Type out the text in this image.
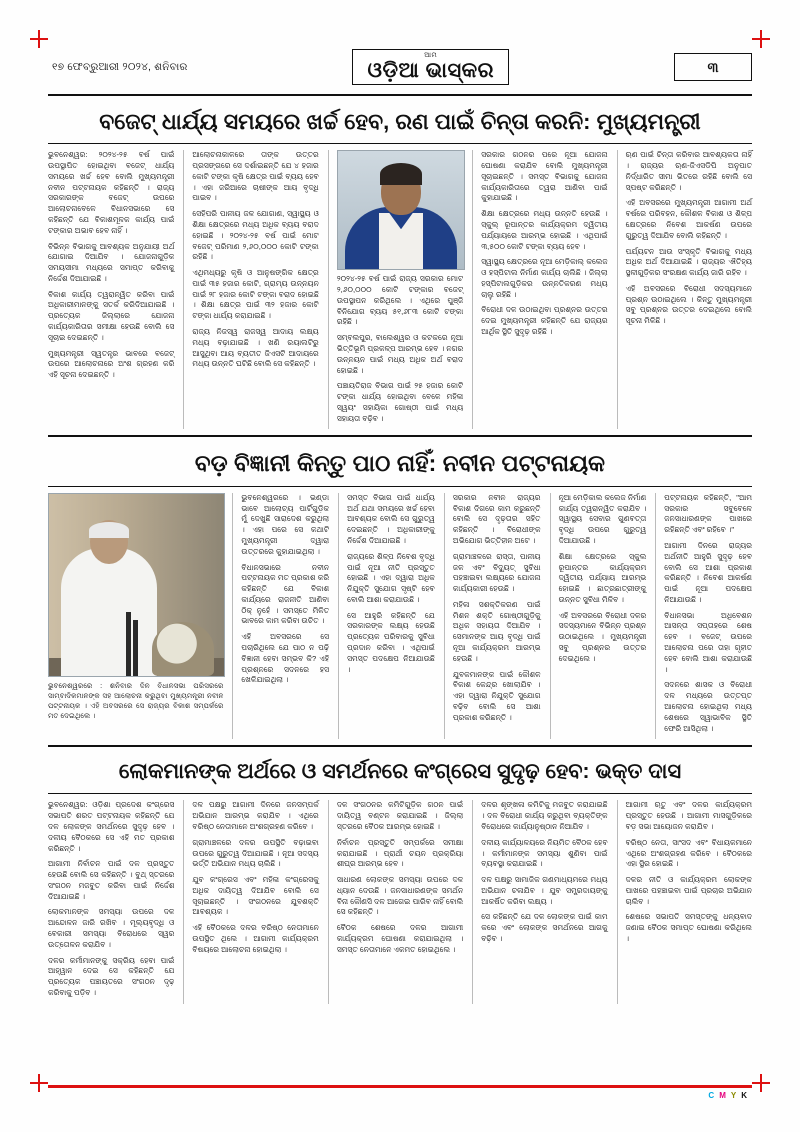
୧୭ ଫେବ୍ରୁଆରୀ ୨୦୨୪, ଶନିବାର
ଆମ
ଓଡ଼ିଆ ଭାସ୍କର	୩
ବଜେଟ୍ ଧାର୍ଯ୍ୟ ସମୟରେ ଖର୍ଚ୍ଚ ହେବ, ରଣ ପାଇଁ ଚିନ୍ତା କରନି: ମୁଖ୍ୟମନ୍ତ୍ରୀ

ଭୁବନେଶ୍ୱର: ୨୦୨୪-୨୫ ବର୍ଷ ପାଇଁ ଉପସ୍ଥାପିତ ହୋଇଥିବା ବଜେଟ୍ ଧାର୍ଯ୍ୟ ସମୟରେ ଖର୍ଚ୍ଚ ହେବ ବୋଲି ମୁଖ୍ୟମନ୍ତ୍ରୀ ନବୀନ ପଟ୍ଟନାୟକ କହିଛନ୍ତି । ରାଜ୍ୟ ସରକାରଙ୍କ ବଜେଟ୍ ଉପରେ ଆଲୋଚନାବେଳେ ବିଧାନସଭାରେ ସେ କହିଛନ୍ତି ଯେ ବିକାଶମୂଳକ କାର୍ଯ୍ୟ ପାଇଁ ଟଙ୍କାର ଅଭାବ ହେବ ନାହିଁ ।

ବିଭିନ୍ନ ବିଭାଗକୁ ଆବଶ୍ୟକ ଅନୁଯାୟୀ ଅର୍ଥ ଯୋଗାଇ ଦିଆଯିବ । ଯୋଜନାଗୁଡ଼ିକ ସମୟସୀମା ମଧ୍ୟରେ ସମାପ୍ତ କରିବାକୁ ନିର୍ଦ୍ଦେଶ ଦିଆଯାଇଛି ।

ବିକାଶ କାର୍ଯ୍ୟ ତ୍ୱରାନ୍ୱିତ କରିବା ପାଇଁ ଅଧିକାରୀମାନଙ୍କୁ ସତର୍କ କରିଦିଆଯାଇଛି । ପ୍ରତ୍ୟେକ ଜିଲ୍ଲାରେ ଯୋଜନା କାର୍ଯ୍ୟକାରିତାର ସମୀକ୍ଷା ହେଉଛି ବୋଲି ସେ ସୂଚାଇ ଦେଇଛନ୍ତି ।

ମୁଖ୍ୟମନ୍ତ୍ରୀ ସ୍ୱତନ୍ତ୍ର ଭାବରେ ବଜେଟ୍ ଉପରେ ଆଲୋଚନାରେ ଅଂଶ ଗ୍ରହଣ କରି ଏହି ସୂଚନା ଦେଇଛନ୍ତି ।

ଆଲୋଚନାକାଳରେ ତାଙ୍କ ଉତ୍ତର ପ୍ରସଙ୍ଗରେ ସେ ଦର୍ଶାଇଛନ୍ତି ଯେ ୪ ହଜାର କୋଟି ଟଙ୍କା କୃଷି କ୍ଷେତ୍ର ପାଇଁ ବ୍ୟୟ ହେବ । ଏହା ଜରିଆରେ ଚାଷୀଙ୍କ ଆୟ ବୃଦ୍ଧି ପାଇବ ।

ସେହିପରି ପାନୀୟ ଜଳ ଯୋଗାଣ, ସ୍ୱାସ୍ଥ୍ୟ ଓ ଶିକ୍ଷା କ୍ଷେତ୍ରରେ ମଧ୍ୟ ଅଧିକ ବ୍ୟୟ ବରାଦ ହୋଇଛି । ୨୦୨୪-୨୫ ବର୍ଷ ପାଇଁ ମୋଟ ବଜେଟ୍ ପରିମାଣ ୨,୬୦,୦୦୦ କୋଟି ଟଙ୍କା ରହିଛି ।

ଏଥିମଧ୍ୟରୁ କୃଷି ଓ ଆନୁଷଙ୍ଗିକ କ୍ଷେତ୍ର ପାଇଁ ୩୫ ହଜାର କୋଟି, ଗ୍ରାମ୍ୟ ଉନ୍ନୟନ ପାଇଁ ୨୮ ହଜାର କୋଟି ଟଙ୍କା ବରାଦ ହୋଇଛି । ଶିକ୍ଷା କ୍ଷେତ୍ର ପାଇଁ ୩୨ ହଜାର କୋଟି ଟଙ୍କା ଧାର୍ଯ୍ୟ କରାଯାଇଛି ।

ରାଜ୍ୟ ନିଜସ୍ୱ ରାଜସ୍ୱ ଆଦାୟ ଲକ୍ଷ୍ୟ ମଧ୍ୟ ବଢ଼ାଯାଇଛି । ଖଣି ରୟାଲଟିରୁ ଆସୁଥିବା ଆୟ ବ୍ୟତୀତ ଜିଏସଟି ଆଦାୟରେ ମଧ୍ୟ ଉନ୍ନତି ଘଟିଛି ବୋଲି ସେ କହିଛନ୍ତି ।

୨୦୨୪-୨୫ ବର୍ଷ ପାଇଁ ରାଜ୍ୟ ସରକାର ମୋଟ ୨,୬୦,୦୦୦ କୋଟି ଟଙ୍କାର ବଜେଟ୍ ଉପସ୍ଥାପନ କରିଥିଲେ । ଏଥିରେ ପୁଞ୍ଜି ବିନିଯୋଗ ବ୍ୟୟ ୫୧,୬୮୩ କୋଟି ଟଙ୍କା ରହିଛି ।

ସମ୍ବଲପୁର, ବାଲେଶ୍ୱର ଓ କଟକରେ ନୂଆ ଭିତ୍ତିଭୂମି ପ୍ରକଳ୍ପ ଆରମ୍ଭ ହେବ । ନଗର ଉନ୍ନୟନ ପାଇଁ ମଧ୍ୟ ଅଧିକ ଅର୍ଥ ବରାଦ ହୋଇଛି ।

ପଞ୍ଚାୟତିରାଜ ବିଭାଗ ପାଇଁ ୨୫ ହଜାର କୋଟି ଟଙ୍କା ଧାର୍ଯ୍ୟ ହୋଇଥିବା ବେଳେ ମହିଳା ସ୍ୱୟଂ ସହାୟିକା ଗୋଷ୍ଠୀ ପାଇଁ ମଧ୍ୟ ସହାୟତା ବଢ଼ିବ ।

ସରକାର ଗଠନର ପରେ ନୂଆ ଯୋଜନା ଘୋଷଣା କରାଯିବ ବୋଲି ମୁଖ୍ୟମନ୍ତ୍ରୀ ସୂଚାଇଛନ୍ତି । ସମସ୍ତ ବିଭାଗକୁ ଯୋଜନା କାର୍ଯ୍ୟକାରିତାରେ ତ୍ୱରା ଆଣିବା ପାଇଁ କୁହାଯାଇଛି ।

ଶିକ୍ଷା କ୍ଷେତ୍ରରେ ମଧ୍ୟ ଉନ୍ନତି ହେଉଛି । ସ୍କୁଲ୍ ରୂପାନ୍ତର କାର୍ଯ୍ୟକ୍ରମ ଦ୍ୱିତୀୟ ପର୍ଯ୍ୟାୟରେ ଆରମ୍ଭ ହୋଇଛି । ଏଥିପାଇଁ ୩,୫୦୦ କୋଟି ଟଙ୍କା ବ୍ୟୟ ହେବ ।

ସ୍ୱାସ୍ଥ୍ୟ କ୍ଷେତ୍ରରେ ନୂଆ ମେଡ଼ିକାଲ୍ କଲେଜ ଓ ହସ୍ପିଟାଲ ନିର୍ମାଣ କାର୍ଯ୍ୟ ଚାଲିଛି । ଜିଲ୍ଲା ହସ୍ପିଟାଲଗୁଡ଼ିକର ଉନ୍ନତିକରଣ ମଧ୍ୟ ଚାଲୁ ରହିଛି ।

ବିରୋଧୀ ଦଳ ଉଠାଇଥିବା ପ୍ରଶ୍ନର ଉତ୍ତର ଦେଇ ମୁଖ୍ୟମନ୍ତ୍ରୀ କହିଛନ୍ତି ଯେ ରାଜ୍ୟର ଆର୍ଥିକ ସ୍ଥିତି ସୁଦୃଢ଼ ରହିଛି ।

ଋଣ ପାଇଁ ଚିନ୍ତା କରିବାର ଆବଶ୍ୟକତା ନାହିଁ । ରାଜ୍ୟର ଋଣ-ଜିଏସଡିପି ଅନୁପାତ ନିର୍ଦ୍ଧାରିତ ସୀମା ଭିତରେ ରହିଛି ବୋଲି ସେ ସ୍ପଷ୍ଟ କରିଛନ୍ତି ।

ଏହି ଅବସରରେ ମୁଖ୍ୟମନ୍ତ୍ରୀ ଆଗାମୀ ଅର୍ଥ ବର୍ଷରେ ପରିବହନ, କୌଶଳ ବିକାଶ ଓ ଶିଳ୍ପ କ୍ଷେତ୍ରରେ ନିବେଶ ଆକର୍ଷଣ ଉପରେ ଗୁରୁତ୍ୱ ଦିଆଯିବ ବୋଲି କହିଛନ୍ତି ।

ପର୍ଯ୍ୟଟନ ଆଉ ସଂସ୍କୃତି ବିଭାଗକୁ ମଧ୍ୟ ଅଧିକ ଅର୍ଥ ଦିଆଯାଇଛି । ରାଜ୍ୟର ଐତିହ୍ୟ ସ୍ଥଳୀଗୁଡ଼ିକର ସଂରକ୍ଷଣ କାର୍ଯ୍ୟ ଜାରି ରହିବ ।

ଏହି ଅବସରରେ ବିରୋଧୀ ସଦସ୍ୟମାନେ ପ୍ରଶ୍ନ ଉଠାଇଥିଲେ । କିନ୍ତୁ ମୁଖ୍ୟମନ୍ତ୍ରୀ ସବୁ ପ୍ରଶ୍ନର ଉତ୍ତର ଦେଇଥିଲେ ବୋଲି ସୂଚନା ମିଳିଛି ।

ବଡ଼ ବିଜ୍ଞାନୀ କିନ୍ତୁ ପାଠ ନାହିଁ: ନବୀନ ପଟ୍ଟନାୟକ

ଭୁବନେଶ୍ୱରରେ : ଶନିବାର ଦିନ ବିଧାନସଭା ପରିସରରେ ସାମ୍ବାଦିକମାନଙ୍କ ସହ ଆଲୋଚନା କରୁଥିବା ମୁଖ୍ୟମନ୍ତ୍ରୀ ନବୀନ ପଟ୍ଟନାୟକ । ଏହି ଅବସରରେ ସେ ରାଜ୍ୟର ବିକାଶ ସମ୍ପର୍କରେ ମତ ଦେଇଥିଲେ ।

ଭୁବନେଶ୍ୱରରେ । ଭଣ୍ଡା ଭାବେ ଆଲୋଚ୍ୟ ପାର୍ଟିଗୁଡ଼ିକ ମୁଁ ଦେଖୁଛି ସାରାଦେଶ କରୁଥିଲା । ଏହା ପରେ ସେ କଥାଟି ମୁଖ୍ୟମନ୍ତ୍ରୀ ଦ୍ୱାରା ଉତ୍ତରରେ କୁହାଯାଇଥିଲା ।

ବିଧାନସଭାରେ ନବୀନ ପଟ୍ଟନାୟକ ମତ ପ୍ରକାଶ କରି କହିଛନ୍ତି ଯେ ବିକାଶ କାର୍ଯ୍ୟରେ ରାଜନୀତି ଆଣିବା ଠିକ୍ ନୁହେଁ । ସମସ୍ତେ ମିଳିତ ଭାବରେ କାମ କରିବା ଉଚିତ ।

ଏହି ଅବସରରେ ସେ ପଚାରିଥିଲେ ଯେ ପାଠ ନ ପଢ଼ି ବିଜ୍ଞାନୀ ହେବା ସମ୍ଭବ କି? ଏହି ପ୍ରଶ୍ନରେ ସଦନରେ ହସ ଖେଳିଯାଇଥିଲା ।

ସମସ୍ତ ବିଭାଗ ପାଇଁ ଧାର୍ଯ୍ୟ ଅର୍ଥ ଯଥା ସମୟରେ ଖର୍ଚ୍ଚ ହେବା ଆବଶ୍ୟକ ବୋଲି ସେ ଗୁରୁତ୍ୱ ଦେଇଛନ୍ତି । ଅଧିକାରୀଙ୍କୁ ନିର୍ଦ୍ଦେଶ ଦିଆଯାଇଛି ।

ରାଜ୍ୟରେ ଶିଳ୍ପ ନିବେଶ ବୃଦ୍ଧି ପାଇଁ ନୂଆ ନୀତି ପ୍ରସ୍ତୁତ ହୋଇଛି । ଏହା ଦ୍ୱାରା ଅଧିକ ନିଯୁକ୍ତି ସୁଯୋଗ ସୃଷ୍ଟି ହେବ ବୋଲି ଆଶା କରାଯାଉଛି ।

ସେ ଆହୁରି କହିଛନ୍ତି ଯେ ସରକାରଙ୍କ ଲକ୍ଷ୍ୟ ହେଉଛି ପ୍ରତ୍ୟେକ ପରିବାରକୁ ସୁବିଧା ପ୍ରଦାନ କରିବା । ଏଥିପାଇଁ ସମସ୍ତ ପଦକ୍ଷେପ ନିଆଯାଉଛି ।

ସରକାର ନବୀନ ରାଜ୍ୟର ବିକାଶ ଦିଗରେ କାମ କରୁଛନ୍ତି ବୋଲି ସେ ଦୃଢ଼ତାର ସହିତ କହିଛନ୍ତି । ବିରୋଧୀଙ୍କ ଅଭିଯୋଗ ଭିତ୍ତିହୀନ ଅଟେ ।

ଗ୍ରାମାଞ୍ଚଳରେ ରାସ୍ତା, ପାନୀୟ ଜଳ ଏବଂ ବିଦ୍ୟୁତ୍ ସୁବିଧା ପହଞ୍ଚାଇବା ଲକ୍ଷ୍ୟରେ ଯୋଜନା କାର୍ଯ୍ୟକାରୀ ହେଉଛି ।

ମହିଳା ସଶକ୍ତିକରଣ ପାଇଁ ମିଶନ ଶକ୍ତି ଗୋଷ୍ଠୀଗୁଡ଼ିକୁ ଅଧିକ ସହାୟତା ଦିଆଯିବ । ସେମାନଙ୍କ ଆୟ ବୃଦ୍ଧି ପାଇଁ ନୂଆ କାର୍ଯ୍ୟକ୍ରମ ଆରମ୍ଭ ହେଉଛି ।

ଯୁବକମାନଙ୍କ ପାଇଁ କୌଶଳ ବିକାଶ କେନ୍ଦ୍ର ଖୋଲାଯିବ । ଏହା ଦ୍ୱାରା ନିଯୁକ୍ତି ସୁଯୋଗ ବଢ଼ିବ ବୋଲି ସେ ଆଶା ପ୍ରକାଶ କରିଛନ୍ତି ।

ନୂଆ ମେଡ଼ିକାଲ କଲେଜ ନିର୍ମାଣ କାର୍ଯ୍ୟ ତ୍ୱରାନ୍ୱିତ କରାଯିବ । ସ୍ୱାସ୍ଥ୍ୟ ସେବାର ଗୁଣବତ୍ତା ବୃଦ୍ଧି ଉପରେ ଗୁରୁତ୍ୱ ଦିଆଯାଉଛି ।

ଶିକ୍ଷା କ୍ଷେତ୍ରରେ ସ୍କୁଲ ରୂପାନ୍ତର କାର୍ଯ୍ୟକ୍ରମ ଦ୍ୱିତୀୟ ପର୍ଯ୍ୟାୟ ଆରମ୍ଭ ହୋଇଛି । ଛାତ୍ରଛାତ୍ରୀଙ୍କୁ ଉନ୍ନତ ସୁବିଧା ମିଳିବ ।

ଏହି ଅବସରରେ ବିରୋଧୀ ଦଳର ସଦସ୍ୟମାନେ ବିଭିନ୍ନ ପ୍ରଶ୍ନ ଉଠାଇଥିଲେ । ମୁଖ୍ୟମନ୍ତ୍ରୀ ସବୁ ପ୍ରଶ୍ନର ଉତ୍ତର ଦେଇଥିଲେ ।

ପଟ୍ଟନାୟକ କହିଛନ୍ତି, "ଆମ ସରକାର ସବୁବେଳେ ଜନସାଧାରଣଙ୍କ ପାଖରେ ରହିଛନ୍ତି ଏବଂ ରହିବେ ।"

ଆଗାମୀ ଦିନରେ ରାଜ୍ୟର ଅର୍ଥନୀତି ଆହୁରି ସୁଦୃଢ଼ ହେବ ବୋଲି ସେ ଆଶା ପ୍ରକାଶ କରିଛନ୍ତି । ନିବେଶ ଆକର୍ଷଣ ପାଇଁ ନୂଆ ପଦକ୍ଷେପ ନିଆଯାଉଛି ।

ବିଧାନସଭା ଅଧିବେଶନ ଆସନ୍ତା ସପ୍ତାହରେ ଶେଷ ହେବ । ବଜେଟ୍ ଉପରେ ଆଲୋଚନା ପରେ ତାହା ଗୃହୀତ ହେବ ବୋଲି ଆଶା କରାଯାଉଛି ।

ସଦନରେ ଶାସକ ଓ ବିରୋଧୀ ଦଳ ମଧ୍ୟରେ ଉତ୍ତପ୍ତ ଆଲୋଚନା ହୋଇଥିଲା ମଧ୍ୟ ଶେଷରେ ସ୍ୱାଭାବିକ ସ୍ଥିତି ଫେରି ଆସିଥିଲା ।

ଲୋକମାନଙ୍କ ଅର୍ଥରେ ଓ ସମର୍ଥନରେ କଂଗ୍ରେସ ସୁଦୃଢ଼ ହେବ: ଭକ୍ତ ଦାସ

ଭୁବନେଶ୍ୱର: ଓଡ଼ିଶା ପ୍ରଦେଶ କଂଗ୍ରେସ ସଭାପତି ଶରତ ପଟ୍ଟନାୟକ କହିଛନ୍ତି ଯେ ଦଳ ଲୋକଙ୍କ ସମର୍ଥନରେ ସୁଦୃଢ଼ ହେବ । ଦଳୀୟ ବୈଠକରେ ସେ ଏହି ମତ ପ୍ରକାଶ କରିଛନ୍ତି ।

ଆଗାମୀ ନିର୍ବାଚନ ପାଇଁ ଦଳ ପ୍ରସ୍ତୁତ ହେଉଛି ବୋଲି ସେ କହିଛନ୍ତି । ବୁଥ୍ ସ୍ତରରେ ସଂଗଠନ ମଜବୁତ କରିବା ପାଇଁ ନିର୍ଦ୍ଦେଶ ଦିଆଯାଇଛି ।

ଲୋକମାନଙ୍କ ସମସ୍ୟା ଉପରେ ଦଳ ଆନ୍ଦୋଳନ ଜାରି ରଖିବ । ମୂଲ୍ୟବୃଦ୍ଧି ଓ ବେକାରୀ ସମସ୍ୟା ବିରୋଧରେ ସ୍ୱର ଉତ୍ତୋଳନ କରାଯିବ ।

ଦଳର କର୍ମୀମାନଙ୍କୁ ସକ୍ରିୟ ହେବା ପାଇଁ ଆହ୍ୱାନ ଦେଇ ସେ କହିଛନ୍ତି ଯେ ପ୍ରତ୍ୟେକ ପଞ୍ଚାୟତରେ ସଂଗଠନ ଦୃଢ଼ କରିବାକୁ ପଡ଼ିବ ।

ଦଳ ପକ୍ଷରୁ ଆଗାମୀ ଦିନରେ ଜନସମ୍ପର୍କ ଅଭିଯାନ ଆରମ୍ଭ କରାଯିବ । ଏଥିରେ ବରିଷ୍ଠ ନେତାମାନେ ଅଂଶଗ୍ରହଣ କରିବେ ।

ଗ୍ରାମାଞ୍ଚଳରେ ଦଳର ଉପସ୍ଥିତି ବଢ଼ାଇବା ଉପରେ ଗୁରୁତ୍ୱ ଦିଆଯାଇଛି । ନୂଆ ସଦସ୍ୟ ଭର୍ତ୍ତି ଅଭିଯାନ ମଧ୍ୟ ଚାଲିଛି ।

ଯୁବ କଂଗ୍ରେସ ଏବଂ ମହିଳା କଂଗ୍ରେସକୁ ଅଧିକ ଦାୟିତ୍ୱ ଦିଆଯିବ ବୋଲି ସେ ସୂଚାଇଛନ୍ତି । ସଂଗଠନରେ ଯୁବଶକ୍ତି ଆବଶ୍ୟକ ।

ଏହି ବୈଠକରେ ଦଳର ବରିଷ୍ଠ ନେତାମାନେ ଉପସ୍ଥିତ ଥିଲେ । ଆଗାମୀ କାର୍ଯ୍ୟକ୍ରମ ବିଷୟରେ ଆଲୋଚନା ହୋଇଥିଲା ।

ଦଳ ସଂଗଠନର କମିଟିଗୁଡ଼ିକ ଗଠନ ପାଇଁ ଦାୟିତ୍ୱ ବଣ୍ଟନ କରାଯାଇଛି । ଜିଲ୍ଲା ସ୍ତରରେ ବୈଠକ ଆରମ୍ଭ ହୋଇଛି ।

ନିର୍ବାଚନ ପ୍ରସ୍ତୁତି ସମ୍ପର୍କରେ ସମୀକ୍ଷା କରାଯାଇଛି । ପ୍ରାର୍ଥୀ ଚୟନ ପ୍ରକ୍ରିୟା ଶୀଘ୍ର ଆରମ୍ଭ ହେବ ।

ସାଧାରଣ ଲୋକଙ୍କ ସମସ୍ୟା ଉପରେ ଦଳ ଧ୍ୟାନ ଦେଉଛି । ଜନସାଧାରଣଙ୍କ ସମର୍ଥନ ବିନା କୌଣସି ଦଳ ଆଗେଇ ପାରିବ ନାହିଁ ବୋଲି ସେ କହିଛନ୍ତି ।

ବୈଠକ ଶେଷରେ ଦଳର ଆଗାମୀ କାର୍ଯ୍ୟକ୍ରମ ଘୋଷଣା କରାଯାଇଥିଲା । ସମସ୍ତ ନେତାମାନେ ଏକମତ ହୋଇଥିଲେ ।

ଦଳର ଶୃଙ୍ଖଳା କମିଟିକୁ ମଜବୁତ କରାଯାଇଛି । ଦଳ ବିରୋଧୀ କାର୍ଯ୍ୟ କରୁଥିବା ବ୍ୟକ୍ତିଙ୍କ ବିରୋଧରେ କାର୍ଯ୍ୟାନୁଷ୍ଠାନ ନିଆଯିବ ।

ଦଳୀୟ କାର୍ଯ୍ୟାଳୟରେ ନିୟମିତ ବୈଠକ ହେବ । କର୍ମୀମାନଙ୍କ ସମସ୍ୟା ଶୁଣିବା ପାଇଁ ବ୍ୟବସ୍ଥା କରାଯାଇଛି ।

ଦଳ ପକ୍ଷରୁ ସାମାଜିକ ଗଣମାଧ୍ୟମରେ ମଧ୍ୟ ଅଭିଯାନ ଚଳାଯିବ । ଯୁବ ସମ୍ପ୍ରଦାୟଙ୍କୁ ଆକର୍ଷିତ କରିବା ଲକ୍ଷ୍ୟ ।

ସେ କହିଛନ୍ତି ଯେ ଦଳ ଲୋକଙ୍କ ପାଇଁ କାମ କରେ ଏବଂ ଲୋକଙ୍କ ସମର୍ଥନରେ ଆଗକୁ ବଢ଼ିବ ।

ଆଗାମୀ ଋତୁ ଏବଂ ଦଳର କାର୍ଯ୍ୟକ୍ରମ ପ୍ରସ୍ତୁତ ହେଉଛି । ଆଗାମୀ ମାସଗୁଡ଼ିକରେ ବଡ଼ ସଭା ଆୟୋଜନ କରାଯିବ ।

ବରିଷ୍ଠ ନେତା, ସାଂସଦ ଏବଂ ବିଧାୟକମାନେ ଏଥିରେ ଅଂଶଗ୍ରହଣ କରିବେ । ବୈଠକରେ ଏହା ସ୍ଥିର ହୋଇଛି ।

ଦଳର ନୀତି ଓ କାର୍ଯ୍ୟକ୍ରମ ଲୋକଙ୍କ ପାଖରେ ପହଞ୍ଚାଇବା ପାଇଁ ପ୍ରଚାର ଅଭିଯାନ ଚାଲିବ ।

ଶେଷରେ ସଭାପତି ସମସ୍ତଙ୍କୁ ଧନ୍ୟବାଦ ଜଣାଇ ବୈଠକ ସମାପ୍ତ ଘୋଷଣା କରିଥିଲେ ।

C M Y K
